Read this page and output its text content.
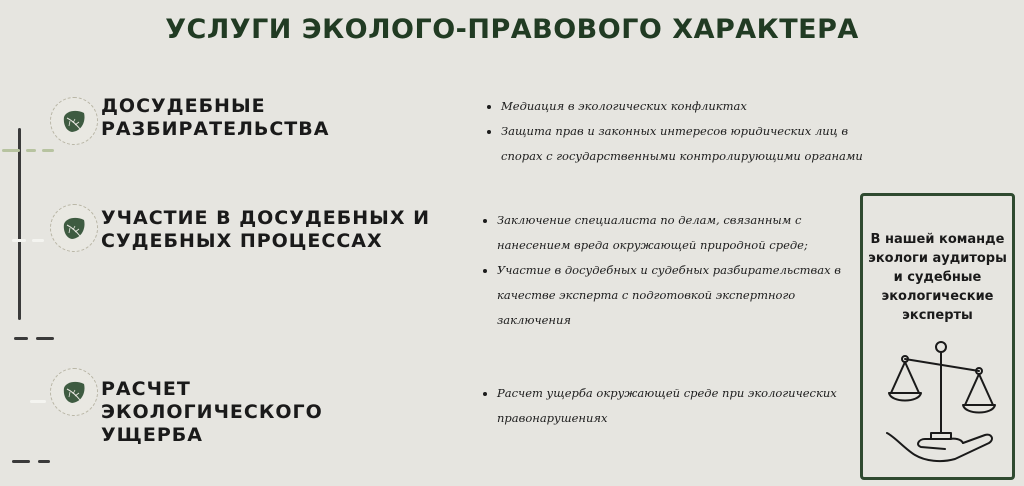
УСЛУГИ ЭКОЛОГО-ПРАВОВОГО ХАРАКТЕРА
ДОСУДЕБНЫЕ РАЗБИРАТЕЛЬСТВА
Медиация в экологических конфликтах
Защита прав и законных интересов юридических лиц в спорах с государственными контролирующими органами
УЧАСТИЕ В ДОСУДЕБНЫХ И СУДЕБНЫХ ПРОЦЕССАХ
Заключение специалиста по делам, связанным с нанесением вреда окружающей природной среде;
Участие в досудебных и судебных разбирательствах в качестве эксперта с подготовкой экспертного заключения
РАСЧЕТ ЭКОЛОГИЧЕСКОГО УЩЕРБА
Расчет ущерба окружающей среде при экологических правонарушениях
В нашей команде экологи аудиторы и судебные экологические эксперты
